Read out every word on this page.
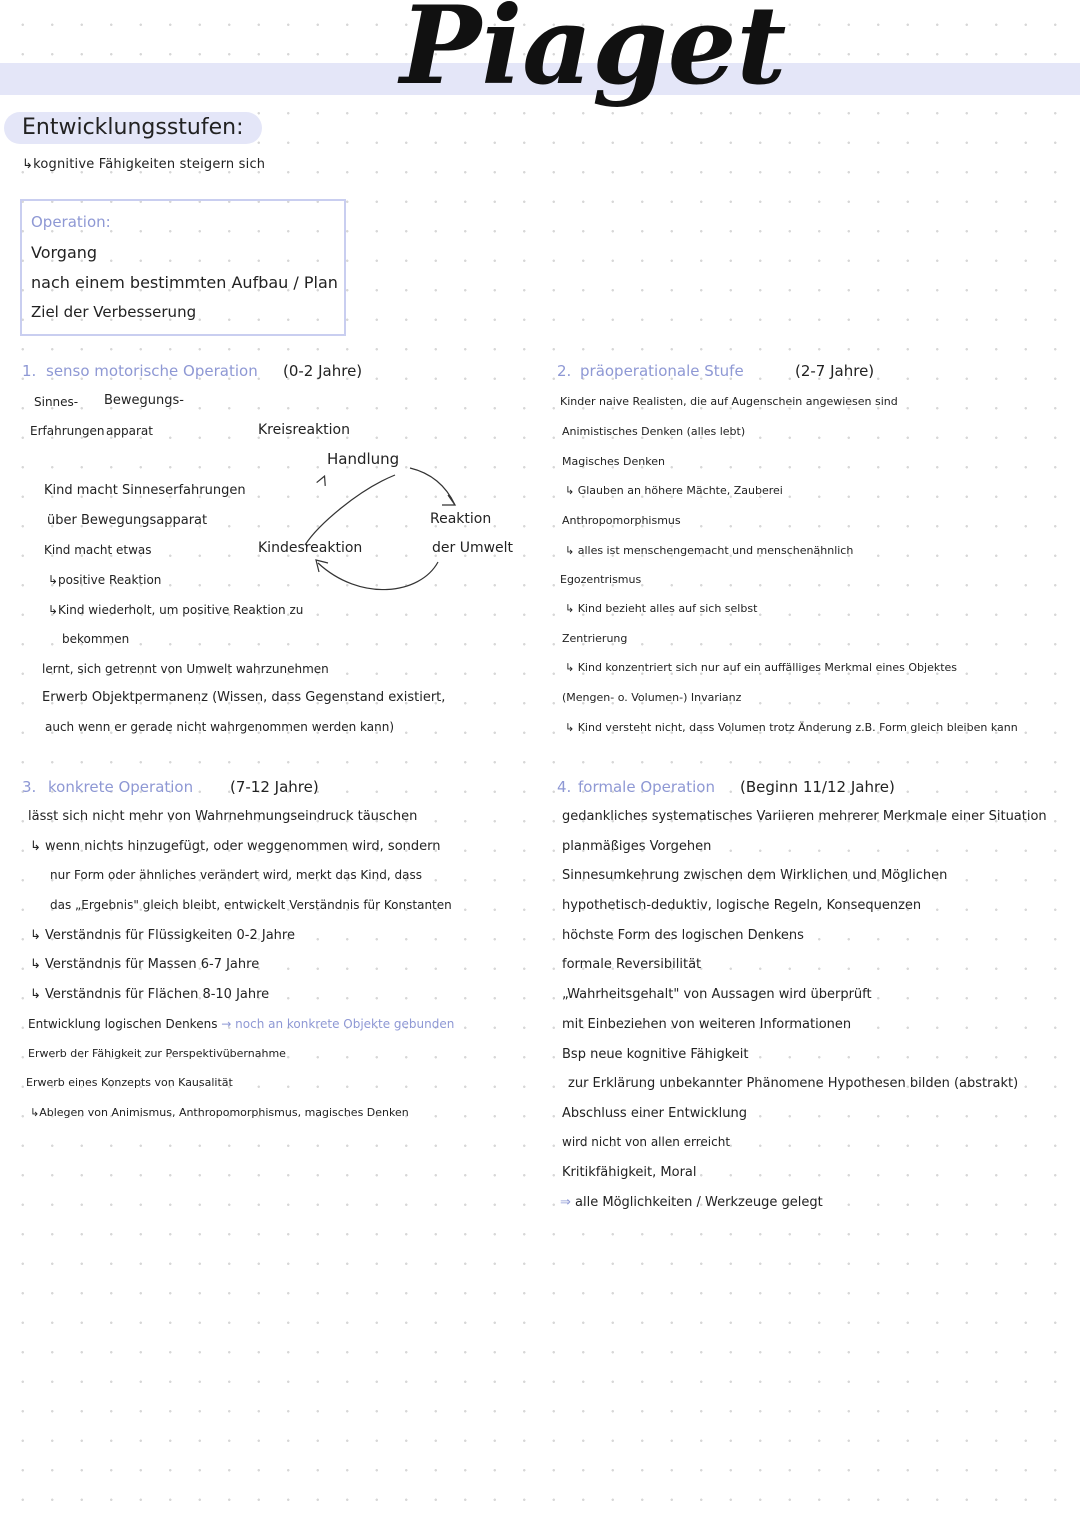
Piaget
Entwicklungsstufen:
↳kognitive Fähigkeiten steigern sich
Operation:
Vorgang
nach einem bestimmten Aufbau / Plan
Ziel der Verbesserung
1. senso motorische Operation (0-2 Jahre)
Sinnes- Bewegungs-
Erfahrungen apparat	Kreisreaktion
Handlung
Kindesreaktion
Reaktion
der Umwelt
Kind macht Sinneserfahrungen
über Bewegungsapparat
Kind macht etwas
↳positive Reaktion
↳Kind wiederholt, um positive Reaktion zu
bekommen
lernt, sich getrennt von Umwelt wahrzunehmen
Erwerb Objektpermanenz (Wissen, dass Gegenstand existiert,
auch wenn er gerade nicht wahrgenommen werden kann)
2. präoperationale Stufe	(2-7 Jahre)
Kinder naive Realisten, die auf Augenschein angewiesen sind
Animistisches Denken (alles lebt)
Magisches Denken
↳ Glauben an höhere Mächte, Zauberei
Anthropomorphismus
↳ alles ist menschengemacht und menschenähnlich
Egozentrismus
↳ Kind bezieht alles auf sich selbst
Zentrierung
↳ Kind konzentriert sich nur auf ein auffälliges Merkmal eines Objektes
(Mengen- o. Volumen-) Invarianz
↳ Kind versteht nicht, dass Volumen trotz Änderung z.B. Form gleich bleiben kann
3. konkrete Operation (7-12 Jahre)
lässt sich nicht mehr von Wahrnehmungseindruck täuschen
↳ wenn nichts hinzugefügt, oder weggenommen wird, sondern
nur Form oder ähnliches verändert wird, merkt das Kind, dass
das „Ergebnis" gleich bleibt, entwickelt Verständnis für Konstanten
↳ Verständnis für Flüssigkeiten 0-2 Jahre
↳ Verständnis für Massen 6-7 Jahre
↳ Verständnis für Flächen 8-10 Jahre
Entwicklung logischen Denkens → noch an konkrete Objekte gebunden
Erwerb der Fähigkeit zur Perspektivübernahme
Erwerb eines Konzepts von Kausalität
↳Ablegen von Animismus, Anthropomorphismus, magisches Denken
4. formale Operation (Beginn 11/12 Jahre)
gedankliches systematisches Variieren mehrerer Merkmale einer Situation
planmäßiges Vorgehen
Sinnesumkehrung zwischen dem Wirklichen und Möglichen
hypothetisch-deduktiv, logische Regeln, Konsequenzen
höchste Form des logischen Denkens
formale Reversibilität
„Wahrheitsgehalt" von Aussagen wird überprüft
mit Einbeziehen von weiteren Informationen
Bsp neue kognitive Fähigkeit
zur Erklärung unbekannter Phänomene Hypothesen bilden (abstrakt)
Abschluss einer Entwicklung
wird nicht von allen erreicht
Kritikfähigkeit, Moral
⇒ alle Möglichkeiten / Werkzeuge gelegt
